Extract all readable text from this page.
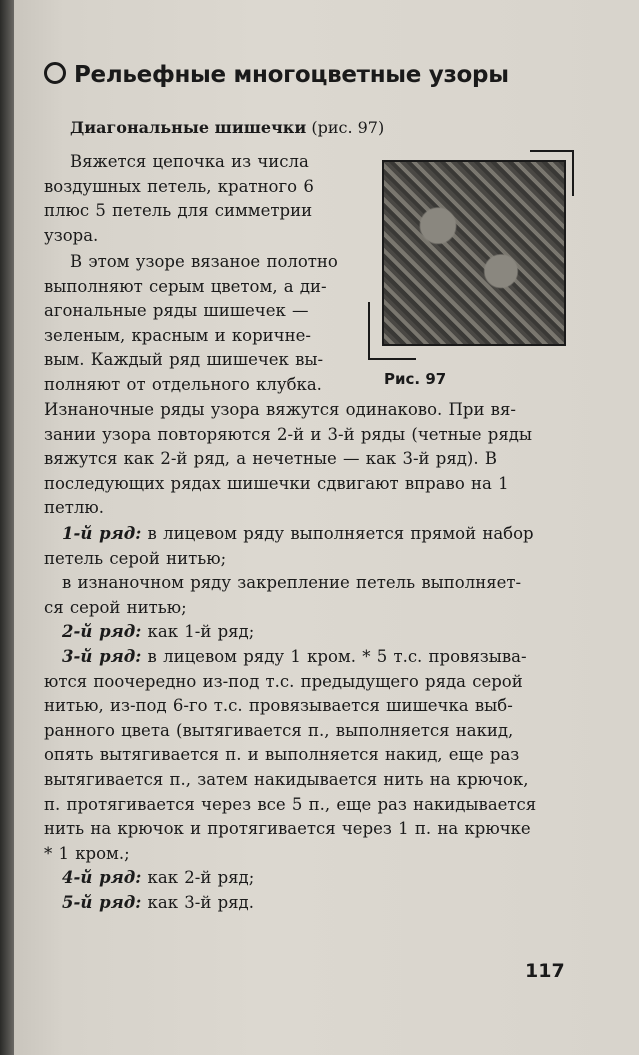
Рельефные многоцветные узоры
Диагональные шишечки (рис. 97)
Рис. 97
Вяжется цепочка из числа
воздушных петель, кратного 6
плюс 5 петель для симметрии
узора.
В этом узоре вязаное полотно
выполняют серым цветом, а ди-
агональные ряды шишечек —
зеленым, красным и коричне-
вым. Каждый ряд шишечек вы-
полняют от отдельного клубка.
Изнаночные ряды узора вяжутся одинаково. При вя-
зании узора повторяются 2-й и 3-й ряды (четные ряды
вяжутся как 2-й ряд, а нечетные — как 3-й ряд). В
последующих рядах шишечки сдвигают вправо на 1
петлю.
1-й ряд: в лицевом ряду выполняется прямой набор
петель серой нитью;
в изнаночном ряду закрепление петель выполняет-
ся серой нитью;
2-й ряд: как 1-й ряд;
3-й ряд: в лицевом ряду 1 кром. * 5 т.с. провязыва-
ются поочередно из-под т.с. предыдущего ряда серой
нитью, из-под 6-го т.с. провязывается шишечка выб-
ранного цвета (вытягивается п., выполняется накид,
опять вытягивается п. и выполняется накид, еще раз
вытягивается п., затем накидывается нить на крючок,
п. протягивается через все 5 п., еще раз накидывается
нить на крючок и протягивается через 1 п. на крючке
* 1 кром.;
4-й ряд: как 2-й ряд;
5-й ряд: как 3-й ряд.
117
